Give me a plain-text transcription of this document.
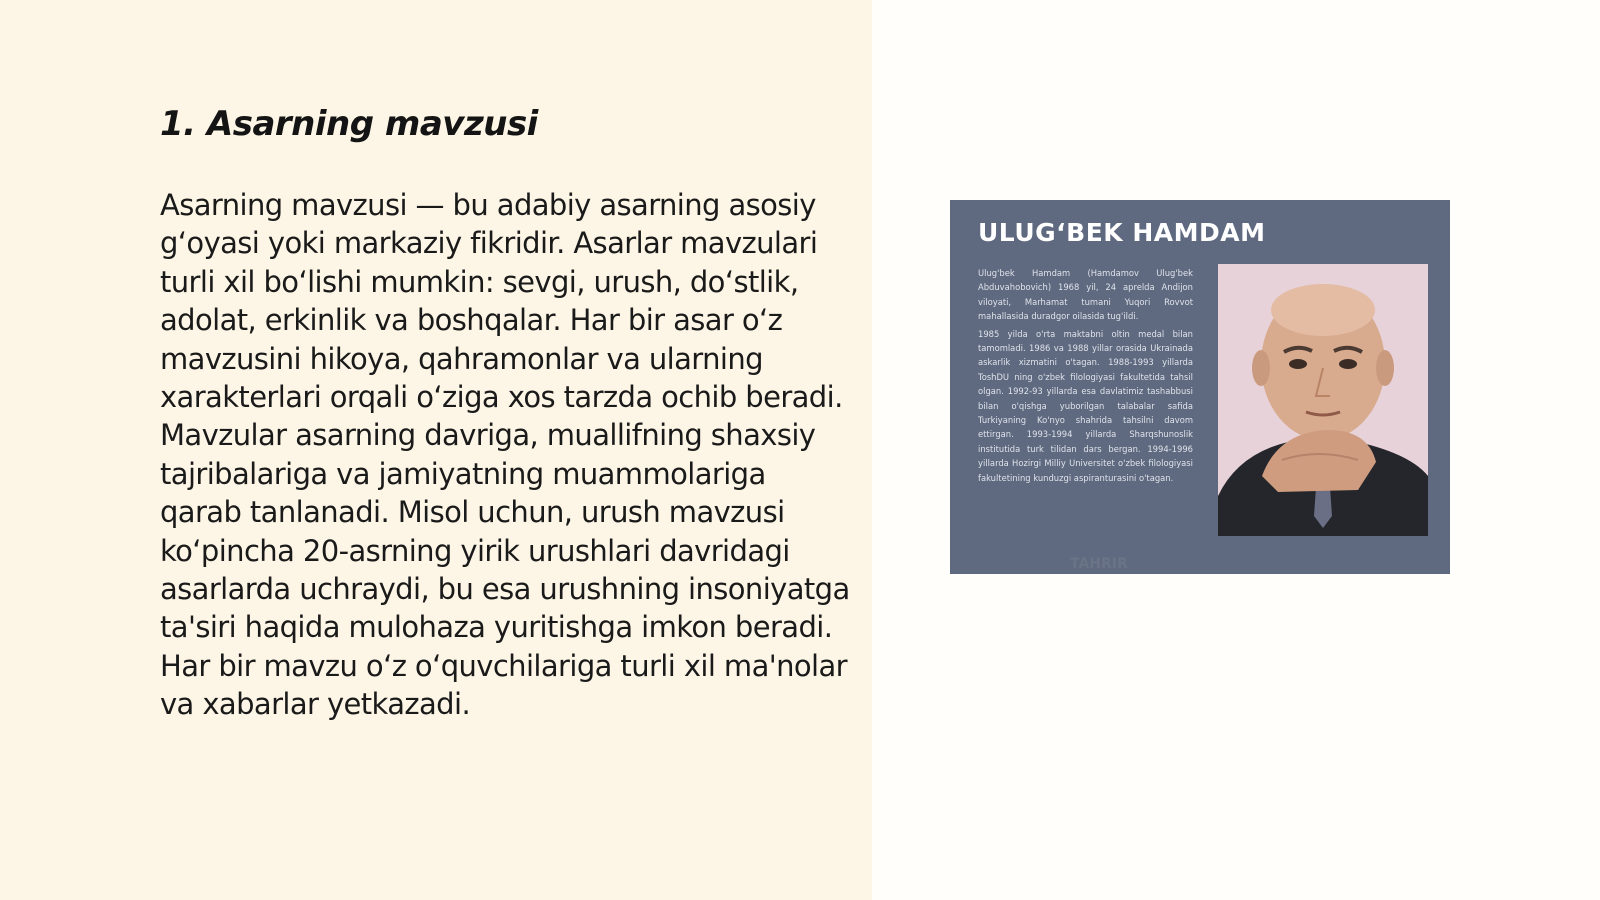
1. Asarning mavzusi

Asarning mavzusi — bu adabiy asarning asosiy g‘oyasi yoki markaziy fikridir. Asarlar mavzulari turli xil bo‘lishi mumkin: sevgi, urush, do‘stlik, adolat, erkinlik va boshqalar. Har bir asar o‘z mavzusini hikoya, qahramonlar va ularning xarakterlari orqali o‘ziga xos tarzda ochib beradi. Mavzular asarning davriga, muallifning shaxsiy tajribalariga va jamiyatning muammolariga qarab tanlanadi. Misol uchun, urush mavzusi ko‘pincha 20-asrning yirik urushlari davridagi asarlarda uchraydi, bu esa urushning insoniyatga ta'siri haqida mulohaza yuritishga imkon beradi. Har bir mavzu o‘z o‘quvchilariga turli xil ma'nolar va xabarlar yetkazadi.

ULUG‘BEK HAMDAM

Ulug'bek Hamdam (Hamdamov Ulug'bek Abduvahobovich) 1968 yil, 24 aprelda Andijon viloyati, Marhamat tumani Yuqori Rovvot mahallasida duradgor oilasida tug'ildi.

1985 yilda o'rta maktabni oltin medal bilan tamomladi. 1986 va 1988 yillar orasida Ukrainada askarlik xizmatini o'tagan. 1988-1993 yillarda ToshDU ning o'zbek filologiyasi fakultetida tahsil olgan. 1992-93 yillarda esa davlatimiz tashabbusi bilan o'qishga yuborilgan talabalar safida Turkiyaning Ko'nyo shahrida tahsilni davom ettirgan. 1993-1994 yillarda Sharqshunoslik institutida turk tilidan dars bergan. 1994-1996 yillarda Hozirgi Milliy Universitet o'zbek filologiyasi fakultetining kunduzgi aspiranturasini o'tagan.

TAHRIR
